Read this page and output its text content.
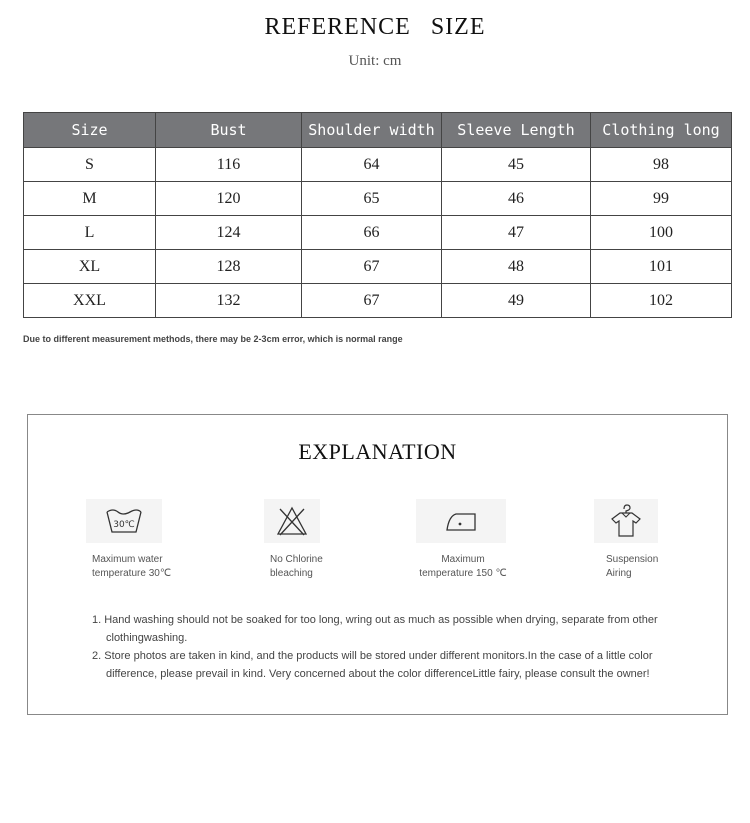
REFERENCE SIZE
Unit: cm
Size	Bust	Shoulder width	Sleeve Length	Clothing long
S	116	64	45	98
M	120	65	46	99
L	124	66	47	100
XL	128	67	48	101
XXL	132	67	49	102
Due to different measurement methods, there may be 2-3cm error, which is normal range
EXPLANATION
30℃
Maximum water
temperature 30℃
No Chlorine
bleaching
Maximum
temperature 150 ℃
Suspension
Airing

1. Hand washing should not be soaked for too long, wring out as much as possible when drying, separate from other clothingwashing.

2. Store photos are taken in kind, and the products will be stored under different monitors.In the case of a little color difference, please prevail in kind. Very concerned about the color differenceLittle fairy, please consult the owner!
